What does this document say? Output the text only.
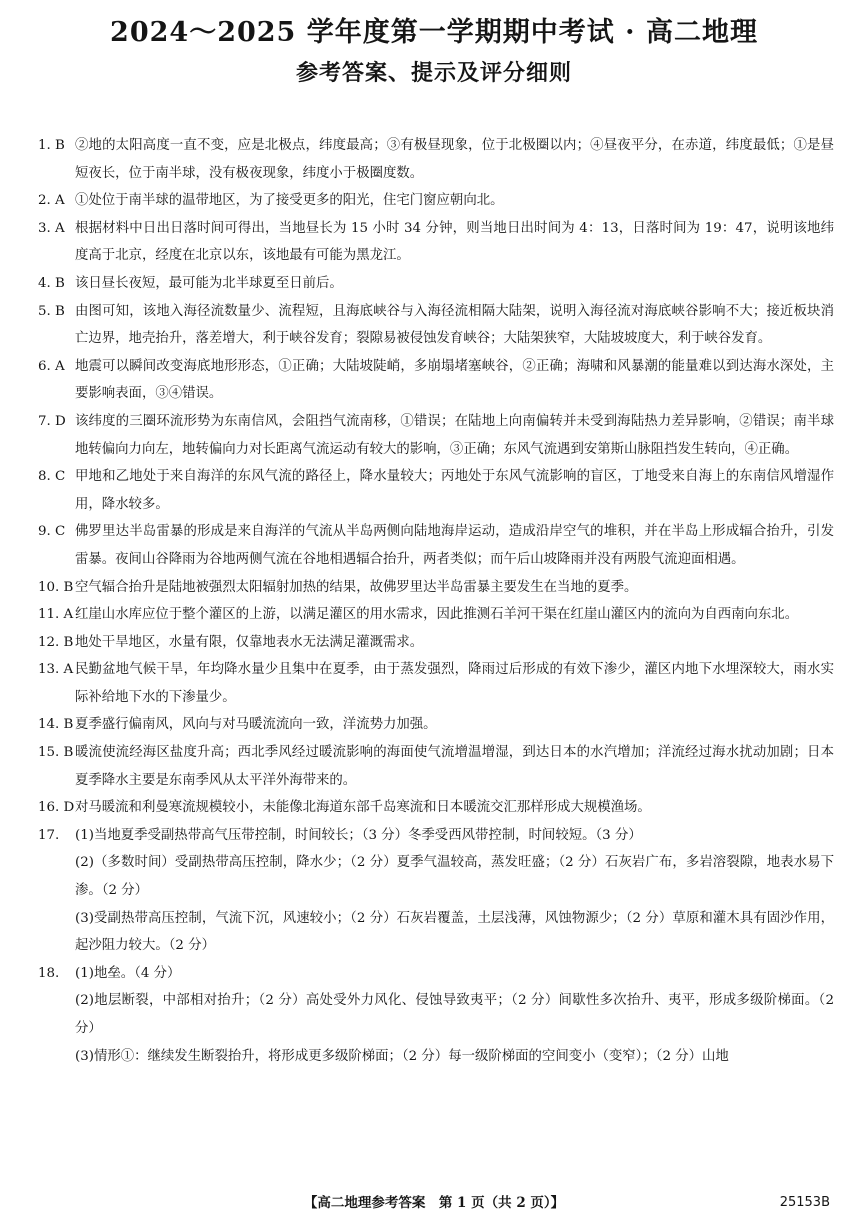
2024～2025 学年度第一学期期中考试 · 高二地理
参考答案、提示及评分细则
1. B ②地的太阳高度一直不变，应是北极点，纬度最高；③有极昼现象，位于北极圈以内；④昼夜平分，在赤道，纬度最低；①是昼短夜长，位于南半球，没有极夜现象，纬度小于极圈度数。
2. A ①处位于南半球的温带地区，为了接受更多的阳光，住宅门窗应朝向北。
3. A 根据材料中日出日落时间可得出，当地昼长为 15 小时 34 分钟，则当地日出时间为 4：13，日落时间为 19：47，说明该地纬度高于北京，经度在北京以东，该地最有可能为黑龙江。
4. B 该日昼长夜短，最可能为北半球夏至日前后。
5. B 由图可知，该地入海径流数量少、流程短，且海底峡谷与入海径流相隔大陆架，说明入海径流对海底峡谷影响不大；接近板块消亡边界，地壳抬升，落差增大，利于峡谷发育；裂隙易被侵蚀发育峡谷；大陆架狭窄，大陆坡坡度大，利于峡谷发育。
6. A 地震可以瞬间改变海底地形形态，①正确；大陆坡陡峭，多崩塌堵塞峡谷，②正确；海啸和风暴潮的能量难以到达海水深处，主要影响表面，③④错误。
7. D 该纬度的三圈环流形势为东南信风，会阻挡气流南移，①错误；在陆地上向南偏转并未受到海陆热力差异影响，②错误；南半球地转偏向力向左，地转偏向力对长距离气流运动有较大的影响，③正确；东风气流遇到安第斯山脉阻挡发生转向，④正确。
8. C 甲地和乙地处于来自海洋的东风气流的路径上，降水量较大；丙地处于东风气流影响的盲区，丁地受来自海上的东南信风增湿作用，降水较多。
9. C 佛罗里达半岛雷暴的形成是来自海洋的气流从半岛两侧向陆地海岸运动，造成沿岸空气的堆积，并在半岛上形成辐合抬升，引发雷暴。夜间山谷降雨为谷地两侧气流在谷地相遇辐合抬升，两者类似；而午后山坡降雨并没有两股气流迎面相遇。
10. B 空气辐合抬升是陆地被强烈太阳辐射加热的结果，故佛罗里达半岛雷暴主要发生在当地的夏季。
11. A 红崖山水库应位于整个灌区的上游，以满足灌区的用水需求，因此推测石羊河干渠在红崖山灌区内的流向为自西南向东北。
12. B 地处干旱地区，水量有限，仅靠地表水无法满足灌溉需求。
13. A 民勤盆地气候干旱，年均降水量少且集中在夏季，由于蒸发强烈，降雨过后形成的有效下渗少，灌区内地下水埋深较大，雨水实际补给地下水的下渗量少。
14. B 夏季盛行偏南风，风向与对马暖流流向一致，洋流势力加强。
15. B 暖流使流经海区盐度升高；西北季风经过暖流影响的海面使气流增温增湿，到达日本的水汽增加；洋流经过海水扰动加剧；日本夏季降水主要是东南季风从太平洋外海带来的。
16. D 对马暖流和利曼寒流规模较小，未能像北海道东部千岛寒流和日本暖流交汇那样形成大规模渔场。
17. (1)当地夏季受副热带高气压带控制，时间较长；（3 分）冬季受西风带控制，时间较短。（3 分）
(2)（多数时间）受副热带高压控制，降水少；（2 分）夏季气温较高，蒸发旺盛；（2 分）石灰岩广布，多岩溶裂隙，地表水易下渗。（2 分）
(3)受副热带高压控制，气流下沉，风速较小；（2 分）石灰岩覆盖，土层浅薄，风蚀物源少；（2 分）草原和灌木具有固沙作用，起沙阻力较大。（2 分）
18. (1)地垒。（4 分）
(2)地层断裂，中部相对抬升；（2 分）高处受外力风化、侵蚀导致夷平；（2 分）间歇性多次抬升、夷平，形成多级阶梯面。（2 分）
(3)情形①：继续发生断裂抬升，将形成更多级阶梯面；（2 分）每一级阶梯面的空间变小（变窄）；（2 分）山地
【高二地理参考答案　第 1 页（共 2 页）】	25153B
